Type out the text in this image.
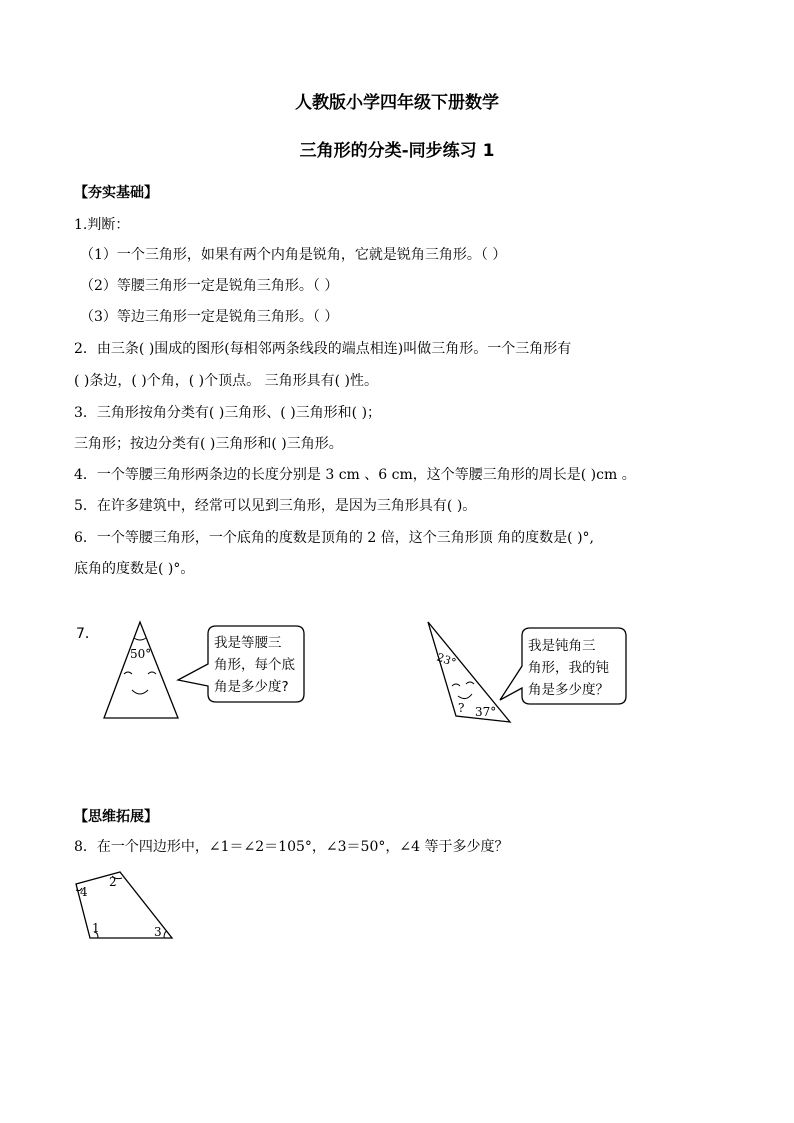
人教版小学四年级下册数学
三角形的分类-同步练习 1
【夯实基础】
1.判断：
（1）一个三角形，如果有两个内角是锐角，它就是锐角三角形。（ ）
（2）等腰三角形一定是锐角三角形。（ ）
（3）等边三角形一定是锐角三角形。（ ）
2．由三条( )围成的图形(每相邻两条线段的端点相连)叫做三角形。一个三角形有
( )条边，( )个角，( )个顶点。 三角形具有( )性。
3．三角形按角分类有( )三角形、( )三角形和( )；
三角形；按边分类有( )三角形和( )三角形。
4．一个等腰三角形两条边的长度分别是 3 cm 、6 cm，这个等腰三角形的周长是( )cm 。
5．在许多建筑中，经常可以见到三角形，是因为三角形具有( )。
6．一个等腰三角形，一个底角的度数是顶角的 2 倍，这个三角形顶 角的度数是( )°,
底角的度数是( )°。
7．
50°
我是等腰三
角形，每个底
角是多少度?
23°
? 37°
我是钝角三
角形，我的钝
角是多少度？
【思维拓展】
8．在一个四边形中，∠1＝∠2＝105°，∠3＝50°，∠4 等于多少度？
1
2
3
4
